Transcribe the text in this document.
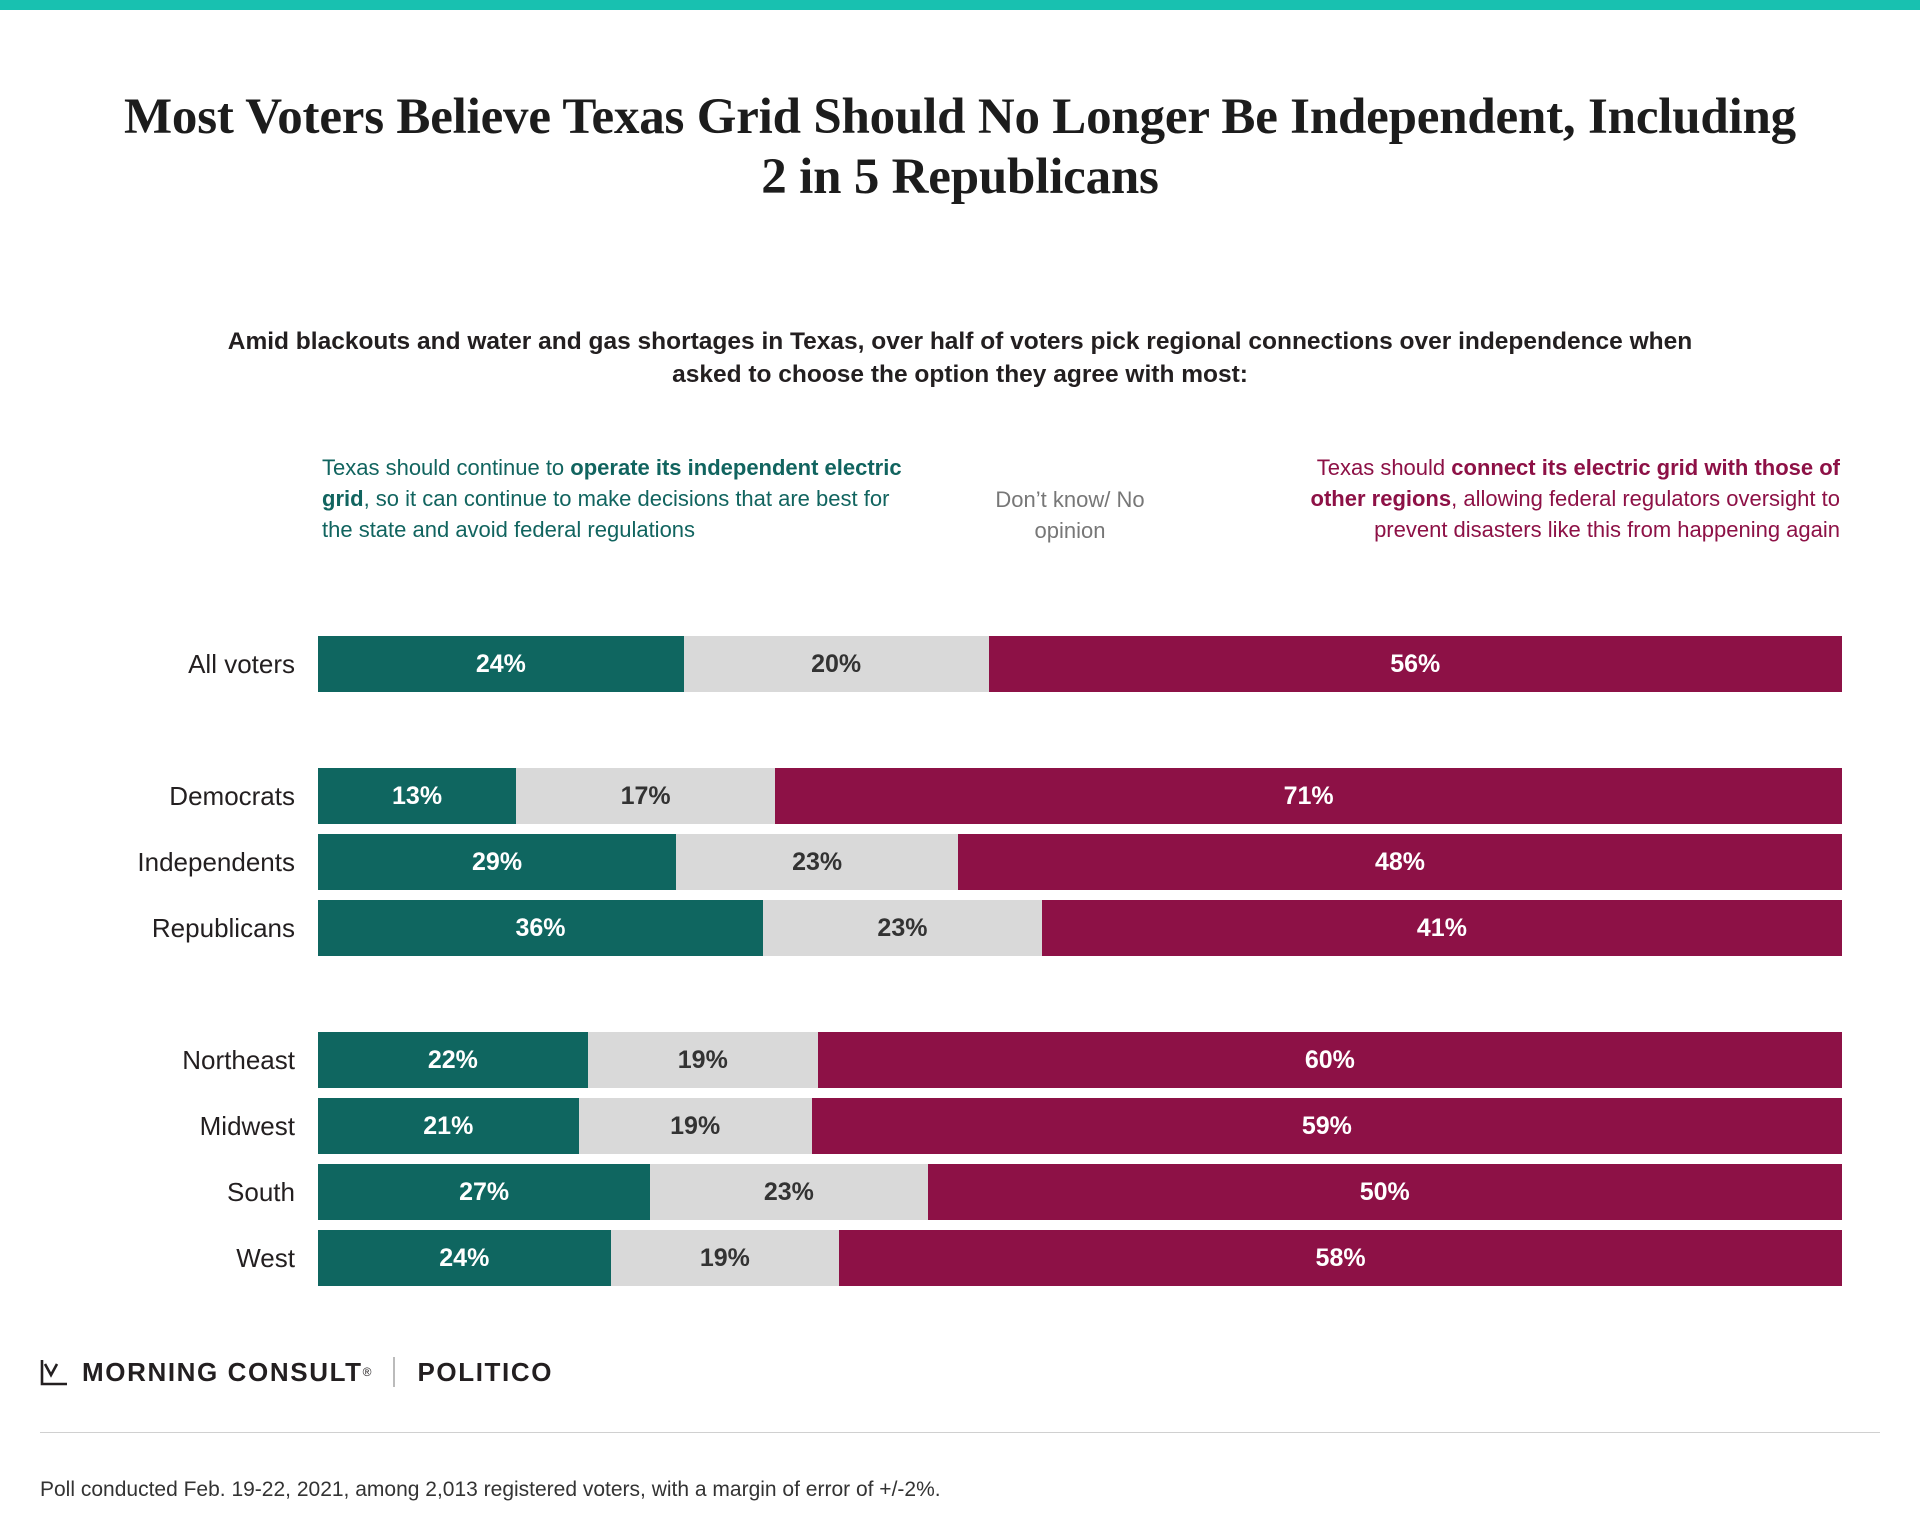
Most Voters Believe Texas Grid Should No Longer Be Independent, Including 2 in 5 Republicans
Amid blackouts and water and gas shortages in Texas, over half of voters pick regional connections over independence when asked to choose the option they agree with most:
Texas should continue to operate its independent electric grid, so it can continue to make decisions that are best for the state and avoid federal regulations
Don’t know/ No opinion
Texas should connect its electric grid with those of other regions, allowing federal regulators oversight to prevent disasters like this from happening again
All voters	24%	20%	56%
Democrats	13%	17%	71%
Independents	29%	23%	48%
Republicans	36%	23%	41%
Northeast	22%	19%	60%
Midwest	21%	19%	59%
South	27%	23%	50%
West	24%	19%	58%
MORNING CONSULT ® POLITICO
Poll conducted Feb. 19-22, 2021, among 2,013 registered voters, with a margin of error of +/-2%.
